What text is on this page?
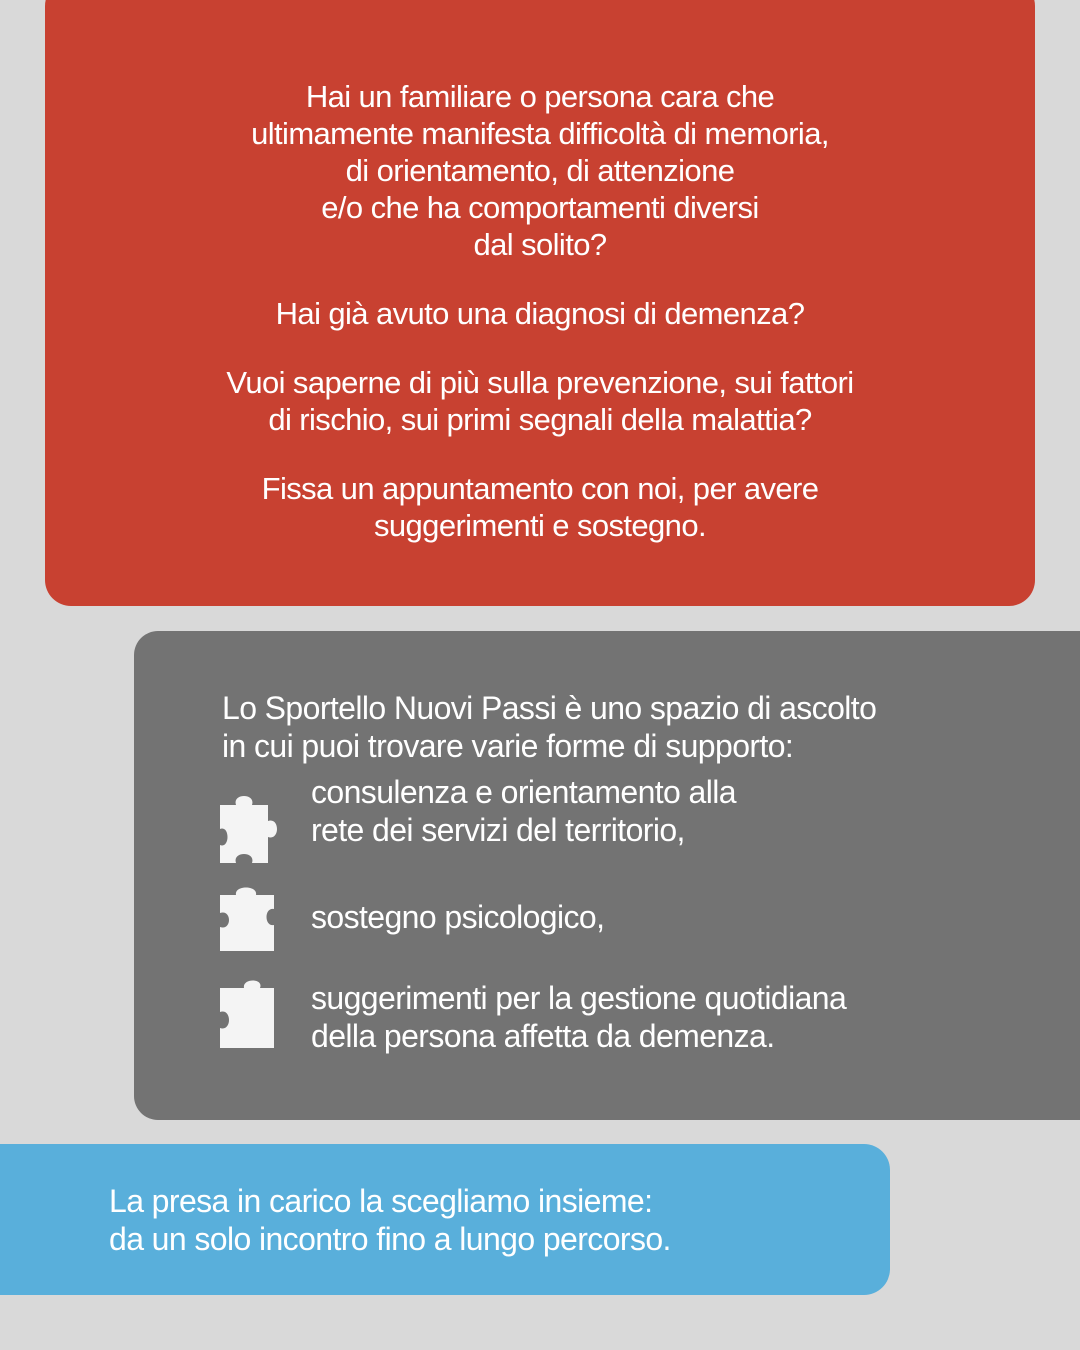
Hai un familiare o persona cara che
ultimamente manifesta difficoltà di memoria,
di orientamento, di attenzione
e/o che ha comportamenti diversi
dal solito?

Hai già avuto una diagnosi di demenza?

Vuoi saperne di più sulla prevenzione, sui fattori
di rischio, sui primi segnali della malattia?

Fissa un appuntamento con noi, per avere
suggerimenti e sostegno.

Lo Sportello Nuovi Passi è uno spazio di ascolto
in cui puoi trovare varie forme di supporto:

consulenza e orientamento alla
rete dei servizi del territorio,

sostegno psicologico,

suggerimenti per la gestione quotidiana
della persona affetta da demenza.

La presa in carico la scegliamo insieme:
da un solo incontro fino a lungo percorso.
